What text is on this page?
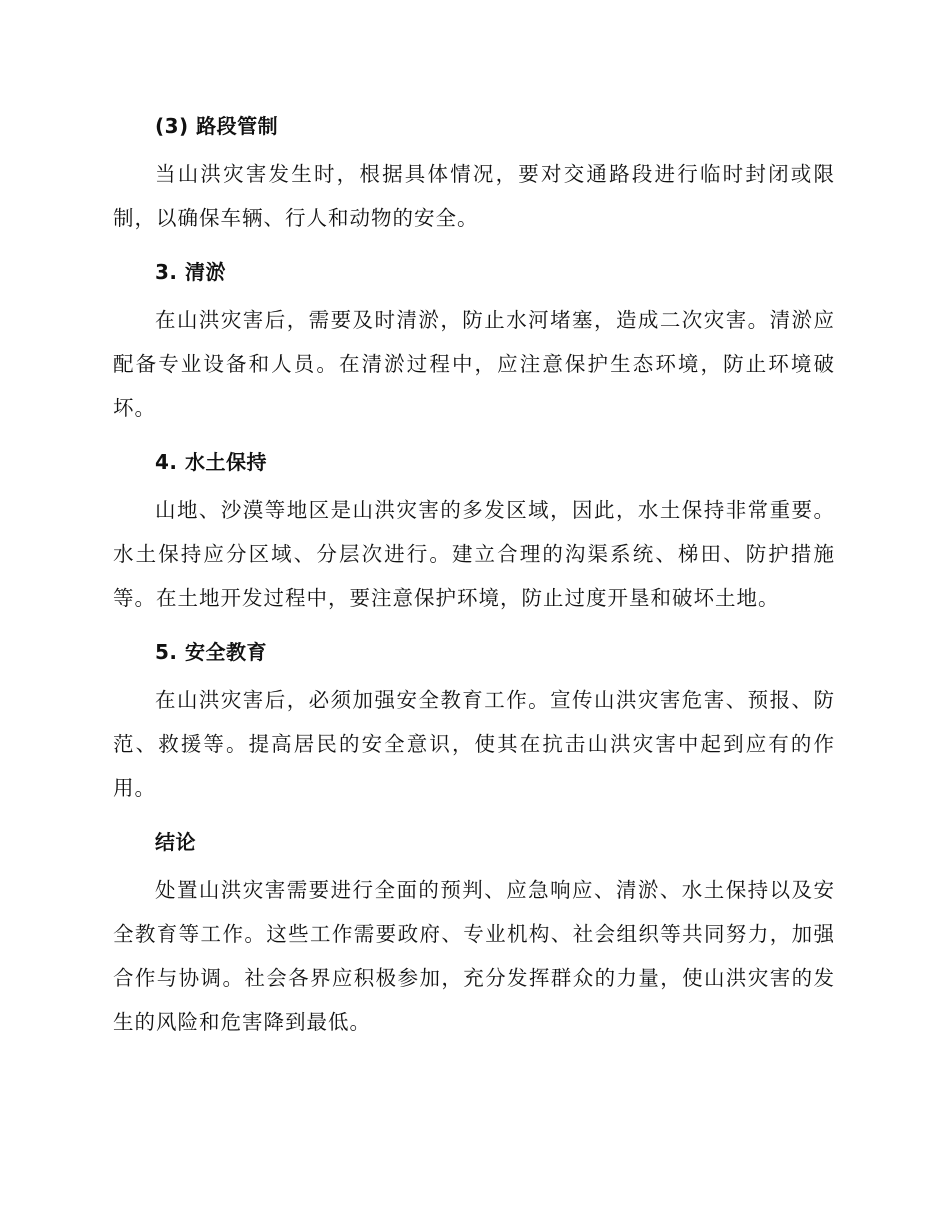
(3) 路段管制

当山洪灾害发生时，根据具体情况，要对交通路段进行临时封闭或限制，以确保车辆、行人和动物的安全。

3. 清淤

在山洪灾害后，需要及时清淤，防止水河堵塞，造成二次灾害。清淤应配备专业设备和人员。在清淤过程中，应注意保护生态环境，防止环境破坏。

4. 水土保持

山地、沙漠等地区是山洪灾害的多发区域，因此，水土保持非常重要。水土保持应分区域、分层次进行。建立合理的沟渠系统、梯田、防护措施等。在土地开发过程中，要注意保护环境，防止过度开垦和破坏土地。

5. 安全教育

在山洪灾害后，必须加强安全教育工作。宣传山洪灾害危害、预报、防范、救援等。提高居民的安全意识，使其在抗击山洪灾害中起到应有的作用。

结论

处置山洪灾害需要进行全面的预判、应急响应、清淤、水土保持以及安全教育等工作。这些工作需要政府、专业机构、社会组织等共同努力，加强合作与协调。社会各界应积极参加，充分发挥群众的力量，使山洪灾害的发生的风险和危害降到最低。
